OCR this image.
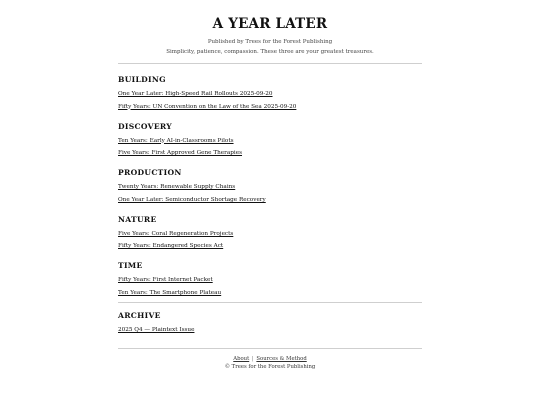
A YEAR LATER
Published by Trees for the Forest Publishing
Simplicity, patience, compassion. These three are your greatest treasures.
BUILDING
One Year Later: High-Speed Rail Rollouts 2025-09-20
Fifty Years: UN Convention on the Law of the Sea 2025-09-20
DISCOVERY
Ten Years: Early AI-in-Classrooms Pilots
Five Years: First Approved Gene Therapies
PRODUCTION
Twenty Years: Renewable Supply Chains
One Year Later: Semiconductor Shortage Recovery
NATURE
Five Years: Coral Regeneration Projects
Fifty Years: Endangered Species Act
TIME
Fifty Years: First Internet Packet
Ten Years: The Smartphone Plateau
ARCHIVE
2025 Q4 — Plaintext Issue
About | Sources & Method
© Trees for the Forest Publishing
